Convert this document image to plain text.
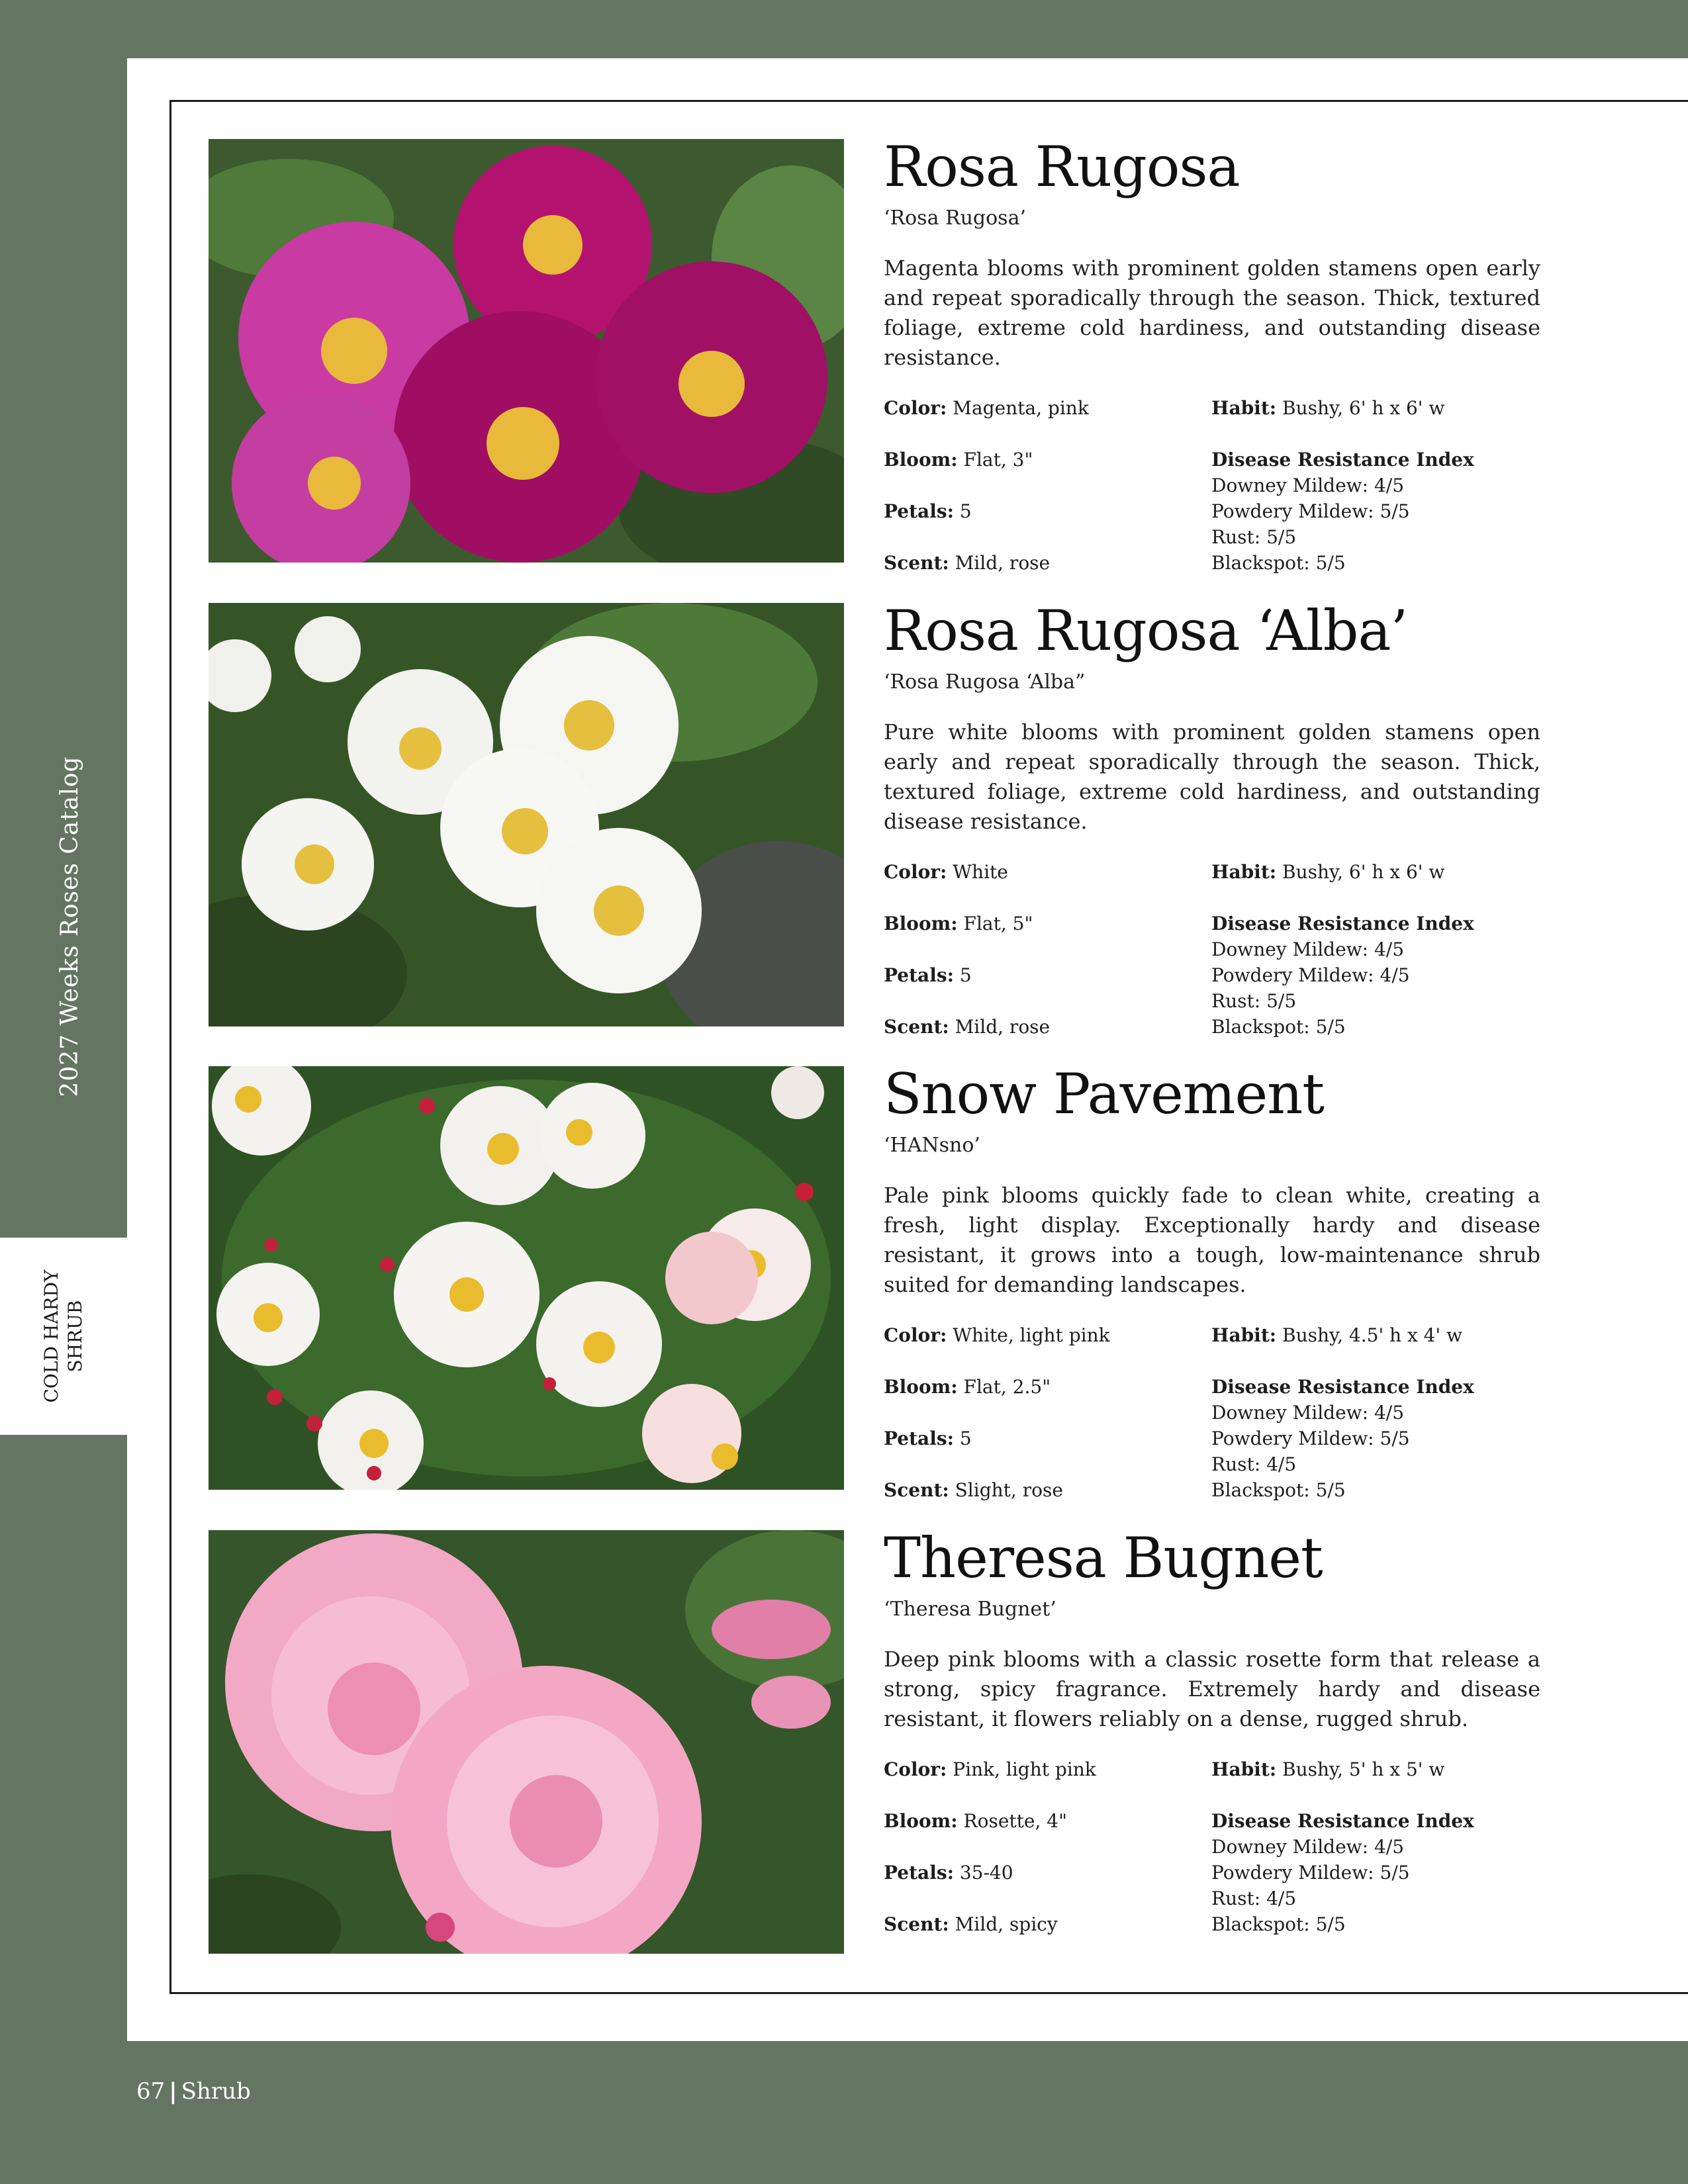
2027 Weeks Roses Catalog
COLD HARDY SHRUB
Rosa Rugosa
‘Rosa Rugosa’
Magenta blooms with prominent golden stamens open early and repeat sporadically through the season. Thick, textured foliage, extreme cold hardiness, and outstanding disease resistance.
Color: Magenta, pink
Bloom: Flat, 3"
Petals: 5
Scent: Mild, rose
Habit: Bushy, 6' h x 6' w
Disease Resistance Index
Downey Mildew: 4/5
Powdery Mildew: 5/5
Rust: 5/5
Blackspot: 5/5
Rosa Rugosa ‘Alba’
‘Rosa Rugosa ‘Alba”
Pure white blooms with prominent golden stamens open early and repeat sporadically through the season. Thick, textured foliage, extreme cold hardiness, and outstanding disease resistance.
Color: White
Bloom: Flat, 5"
Petals: 5
Scent: Mild, rose
Habit: Bushy, 6' h x 6' w
Disease Resistance Index
Downey Mildew: 4/5
Powdery Mildew: 4/5
Rust: 5/5
Blackspot: 5/5
Snow Pavement
‘HANsno’
Pale pink blooms quickly fade to clean white, creating a fresh, light display. Exceptionally hardy and disease resistant, it grows into a tough, low-maintenance shrub suited for demanding landscapes.
Color: White, light pink
Bloom: Flat, 2.5"
Petals: 5
Scent: Slight, rose
Habit: Bushy, 4.5' h x 4' w
Disease Resistance Index
Downey Mildew: 4/5
Powdery Mildew: 5/5
Rust: 4/5
Blackspot: 5/5
Theresa Bugnet
‘Theresa Bugnet’
Deep pink blooms with a classic rosette form that release a strong, spicy fragrance. Extremely hardy and disease resistant, it flowers reliably on a dense, rugged shrub.
Color: Pink, light pink
Bloom: Rosette, 4"
Petals: 35-40
Scent: Mild, spicy
Habit: Bushy, 5' h x 5' w
Disease Resistance Index
Downey Mildew: 4/5
Powdery Mildew: 5/5
Rust: 4/5
Blackspot: 5/5
67 | Shrub
